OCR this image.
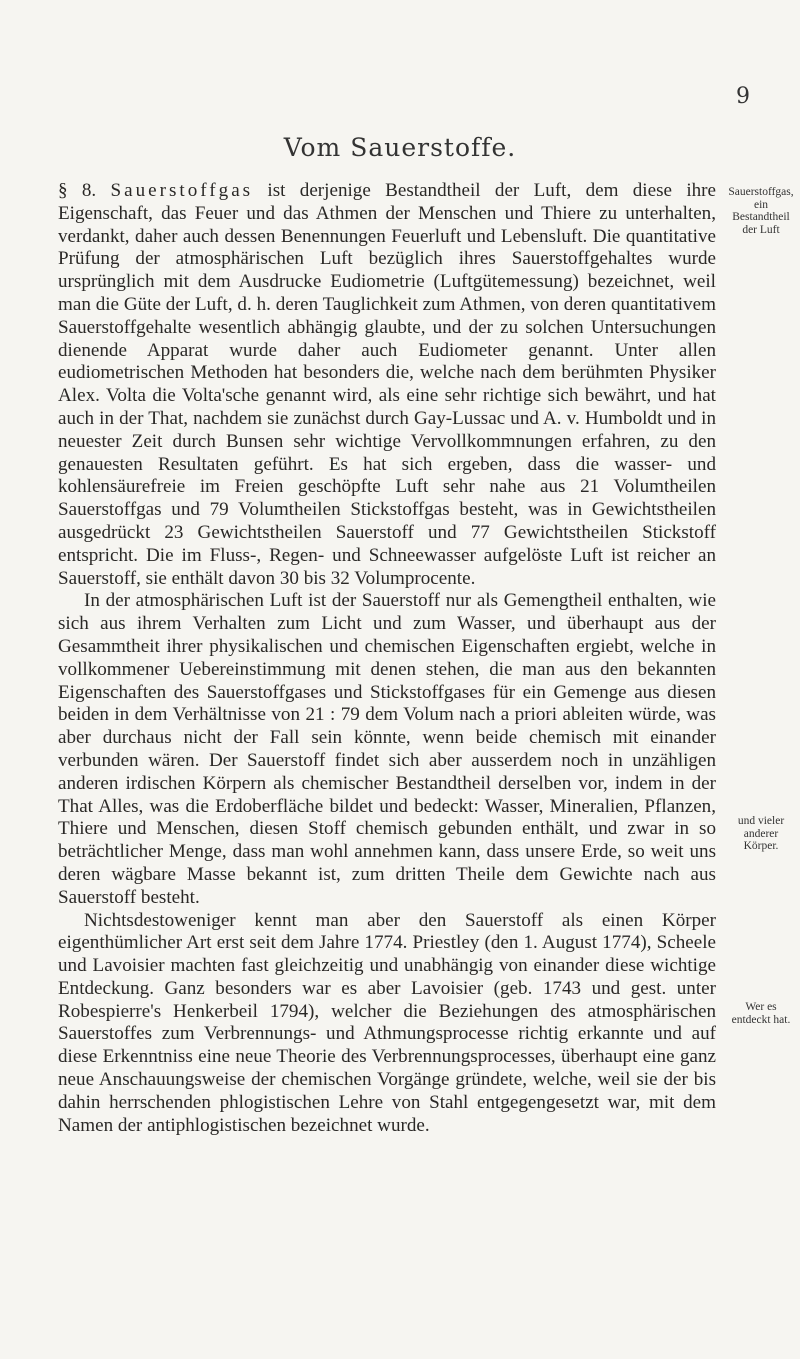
9
Vom Sauerstoffe.

§ 8. Sauerstoffgas ist derjenige Bestandtheil der Luft, dem diese ihre Eigenschaft, das Feuer und das Athmen der Menschen und Thiere zu unterhalten, verdankt, daher auch dessen Benennungen Feuerluft und Lebensluft. Die quantitative Prüfung der atmosphärischen Luft bezüglich ihres Sauerstoffgehaltes wurde ursprünglich mit dem Ausdrucke Eudiometrie (Luftgütemessung) bezeichnet, weil man die Güte der Luft, d. h. deren Tauglichkeit zum Athmen, von deren quantitativem Sauerstoffgehalte wesentlich abhängig glaubte, und der zu solchen Untersuchungen dienende Apparat wurde daher auch Eudiometer genannt. Unter allen eudiometrischen Methoden hat besonders die, welche nach dem berühmten Physiker Alex. Volta die Volta'sche genannt wird, als eine sehr richtige sich bewährt, und hat auch in der That, nachdem sie zunächst durch Gay-Lussac und A. v. Humboldt und in neuester Zeit durch Bunsen sehr wichtige Vervollkommnungen erfahren, zu den genauesten Resultaten geführt. Es hat sich ergeben, dass die wasser- und kohlensäurefreie im Freien geschöpfte Luft sehr nahe aus 21 Volumtheilen Sauerstoffgas und 79 Volumtheilen Stickstoffgas besteht, was in Gewichtstheilen ausgedrückt 23 Gewichtstheilen Sauerstoff und 77 Gewichtstheilen Stickstoff entspricht. Die im Fluss-, Regen- und Schneewasser aufgelöste Luft ist reicher an Sauerstoff, sie enthält davon 30 bis 32 Volumprocente.

In der atmosphärischen Luft ist der Sauerstoff nur als Gemengtheil enthalten, wie sich aus ihrem Verhalten zum Licht und zum Wasser, und überhaupt aus der Gesammtheit ihrer physikalischen und chemischen Eigenschaften ergiebt, welche in vollkommener Uebereinstimmung mit denen stehen, die man aus den bekannten Eigenschaften des Sauerstoffgases und Stickstoffgases für ein Gemenge aus diesen beiden in dem Verhältnisse von 21 : 79 dem Volum nach a priori ableiten würde, was aber durchaus nicht der Fall sein könnte, wenn beide chemisch mit einander verbunden wären. Der Sauerstoff findet sich aber ausserdem noch in unzähligen anderen irdischen Körpern als chemischer Bestandtheil derselben vor, indem in der That Alles, was die Erdoberfläche bildet und bedeckt: Wasser, Mineralien, Pflanzen, Thiere und Menschen, diesen Stoff chemisch gebunden enthält, und zwar in so beträchtlicher Menge, dass man wohl annehmen kann, dass unsere Erde, so weit uns deren wägbare Masse bekannt ist, zum dritten Theile dem Gewichte nach aus Sauerstoff besteht.

Nichtsdestoweniger kennt man aber den Sauerstoff als einen Körper eigenthümlicher Art erst seit dem Jahre 1774. Priestley (den 1. August 1774), Scheele und Lavoisier machten fast gleichzeitig und unabhängig von einander diese wichtige Entdeckung. Ganz besonders war es aber Lavoisier (geb. 1743 und gest. unter Robespierre's Henkerbeil 1794), welcher die Beziehungen des atmosphärischen Sauerstoffes zum Verbrennungs- und Athmungsprocesse richtig erkannte und auf diese Erkenntniss eine neue Theorie des Verbrennungsprocesses, überhaupt eine ganz neue Anschauungsweise der chemischen Vorgänge gründete, welche, weil sie der bis dahin herrschenden phlogistischen Lehre von Stahl entgegengesetzt war, mit dem Namen der antiphlogistischen bezeichnet wurde.

Sauerstoffgas, ein Bestandtheil der Luft
und vieler anderer Körper.
Wer es entdeckt hat.
